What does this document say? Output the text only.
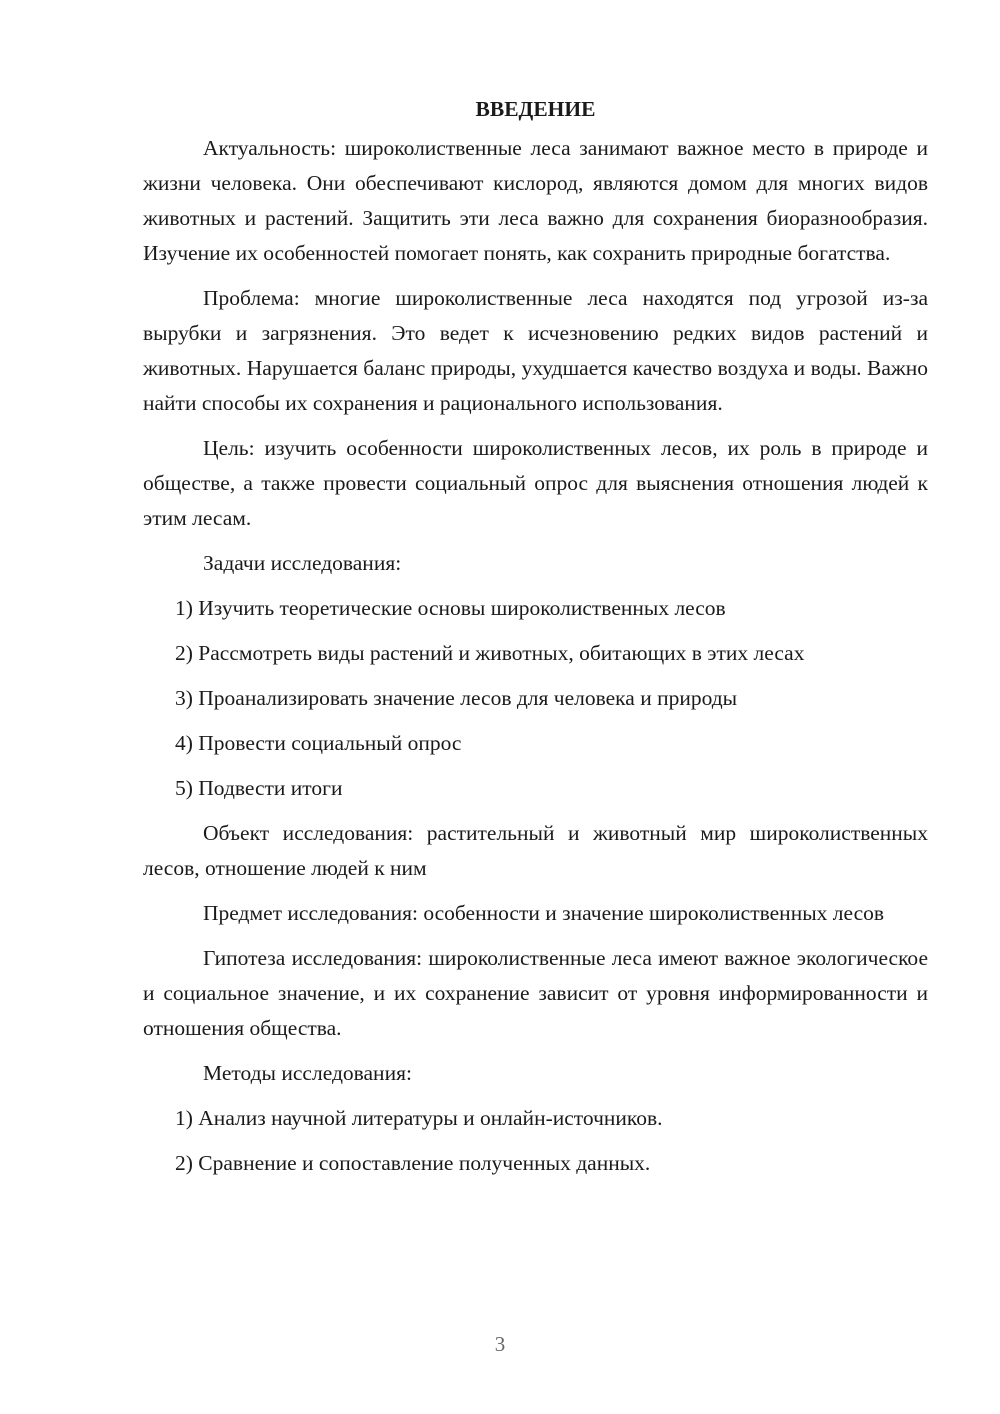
ВВЕДЕНИЕ

Актуальность: широколиственные леса занимают важное место в природе и жизни человека. Они обеспечивают кислород, являются домом для многих видов животных и растений. Защитить эти леса важно для сохранения биоразнообразия. Изучение их особенностей помогает понять, как сохранить природные богатства.

Проблема: многие широколиственные леса находятся под угрозой из-за вырубки и загрязнения. Это ведет к исчезновению редких видов растений и животных. Нарушается баланс природы, ухудшается качество воздуха и воды. Важно найти способы их сохранения и рационального использования.

Цель: изучить особенности широколиственных лесов, их роль в природе и обществе, а также провести социальный опрос для выяснения отношения людей к этим лесам.

Задачи исследования:

1) Изучить теоретические основы широколиственных лесов
2) Рассмотреть виды растений и животных, обитающих в этих лесах
3) Проанализировать значение лесов для человека и природы
4) Провести социальный опрос
5) Подвести итоги

Объект исследования: растительный и животный мир широколиственных лесов, отношение людей к ним

Предмет исследования: особенности и значение широколиственных лесов

Гипотеза исследования: широколиственные леса имеют важное экологическое и социальное значение, и их сохранение зависит от уровня информированности и отношения общества.

Методы исследования:

1) Анализ научной литературы и онлайн-источников.
2) Сравнение и сопоставление полученных данных.
3
